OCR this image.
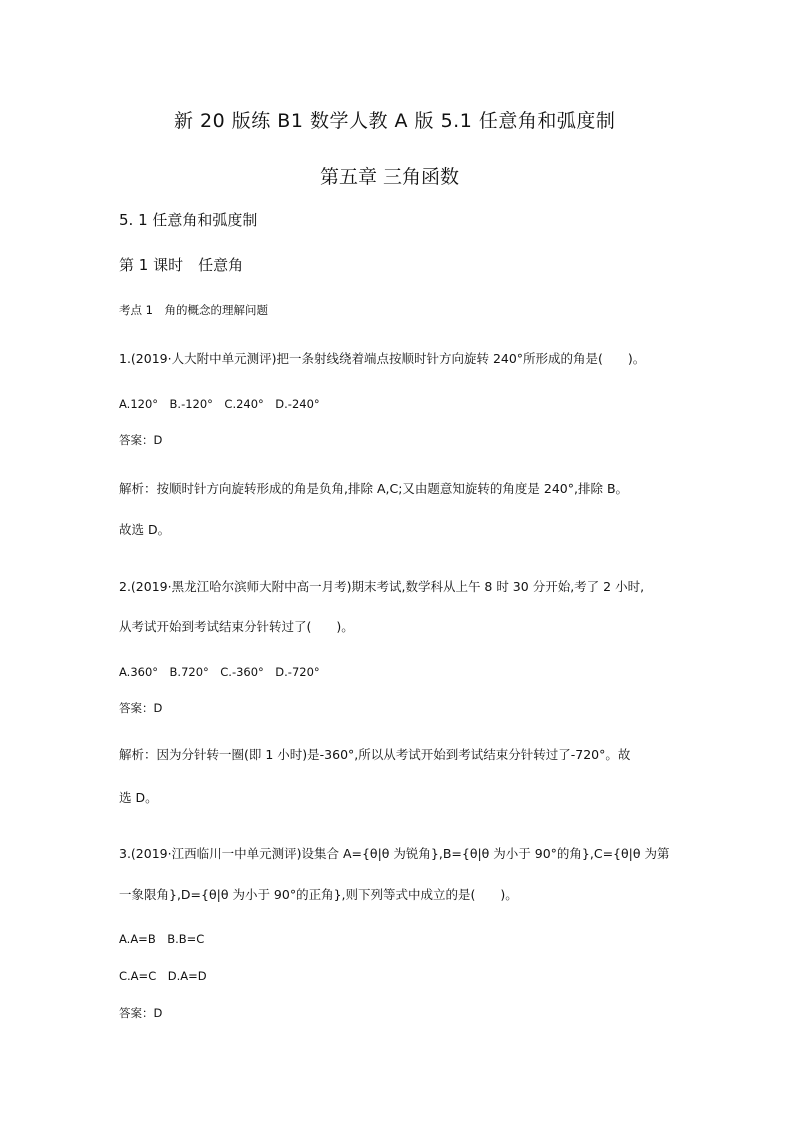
新 20 版练 B1 数学人教 A 版 5.1 任意角和弧度制
第五章 三角函数
5. 1 任意角和弧度制
第 1 课时　任意角
考点 1　角的概念的理解问题
1.(2019·人大附中单元测评)把一条射线绕着端点按顺时针方向旋转 240°所形成的角是(　　)。
A.120°　B.-120°　C.240°　D.-240°
答案：D
解析：按顺时针方向旋转形成的角是负角,排除 A,C;又由题意知旋转的角度是 240°,排除 B。
故选 D。
2.(2019·黑龙江哈尔滨师大附中高一月考)期末考试,数学科从上午 8 时 30 分开始,考了 2 小时,
从考试开始到考试结束分针转过了(　　)。
A.360°　B.720°　C.-360°　D.-720°
答案：D
解析：因为分针转一圈(即 1 小时)是-360°,所以从考试开始到考试结束分针转过了-720°。故
选 D。
3.(2019·江西临川一中单元测评)设集合 A={θ|θ 为锐角},B={θ|θ 为小于 90°的角},C={θ|θ 为第
一象限角},D={θ|θ 为小于 90°的正角},则下列等式中成立的是(　　)。
A.A=B　B.B=C
C.A=C　D.A=D
答案：D
